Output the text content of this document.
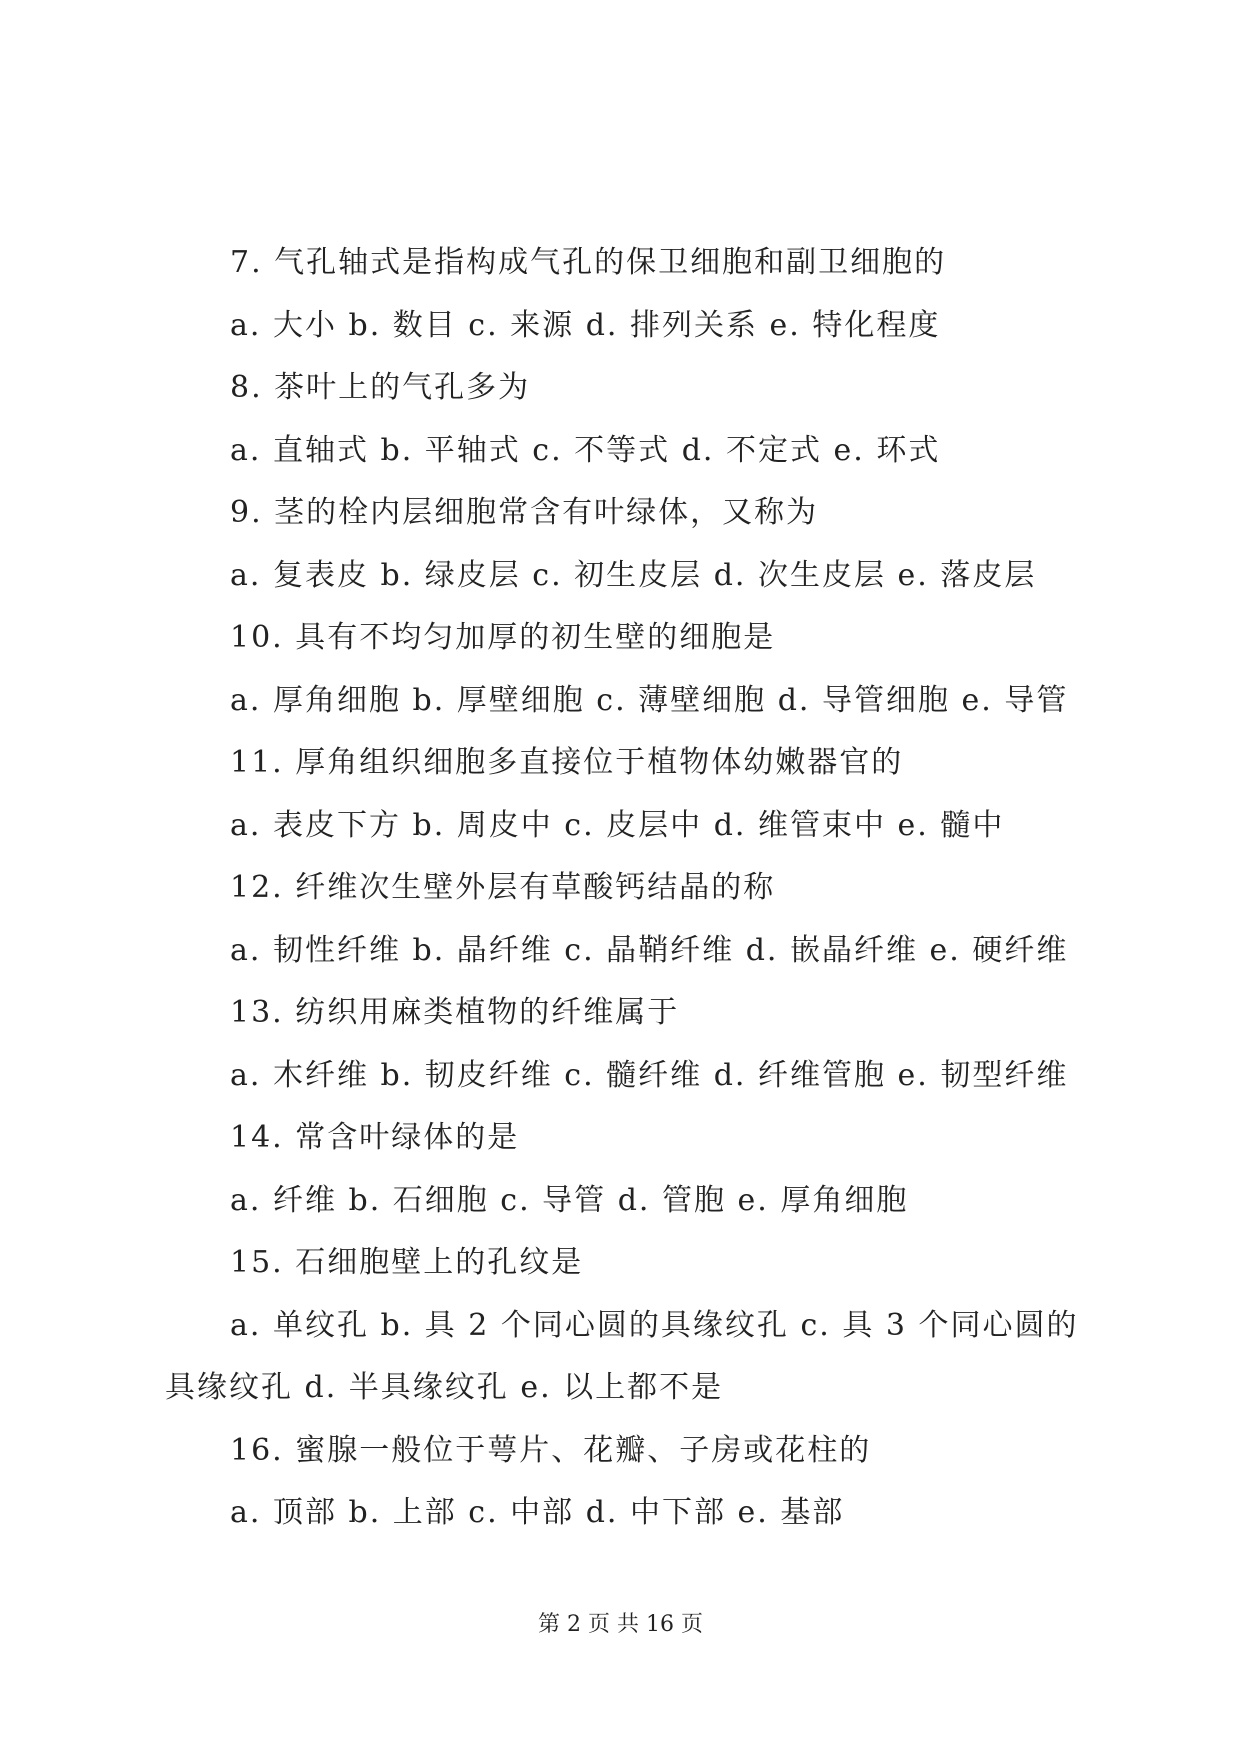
7. 气孔轴式是指构成气孔的保卫细胞和副卫细胞的
a. 大小 b. 数目 c. 来源 d. 排列关系 e. 特化程度
8. 茶叶上的气孔多为
a. 直轴式 b. 平轴式 c. 不等式 d. 不定式 e. 环式
9. 茎的栓内层细胞常含有叶绿体，又称为
a. 复表皮 b. 绿皮层 c. 初生皮层 d. 次生皮层 e. 落皮层
10. 具有不均匀加厚的初生壁的细胞是
a. 厚角细胞 b. 厚壁细胞 c. 薄壁细胞 d. 导管细胞 e. 导管
11. 厚角组织细胞多直接位于植物体幼嫩器官的
a. 表皮下方 b. 周皮中 c. 皮层中 d. 维管束中 e. 髓中
12. 纤维次生壁外层有草酸钙结晶的称
a. 韧性纤维 b. 晶纤维 c. 晶鞘纤维 d. 嵌晶纤维 e. 硬纤维
13. 纺织用麻类植物的纤维属于
a. 木纤维 b. 韧皮纤维 c. 髓纤维 d. 纤维管胞 e. 韧型纤维
14. 常含叶绿体的是
a. 纤维 b. 石细胞 c. 导管 d. 管胞 e. 厚角细胞
15. 石细胞壁上的孔纹是
a. 单纹孔 b. 具 2 个同心圆的具缘纹孔 c. 具 3 个同心圆的具缘纹孔 d. 半具缘纹孔 e. 以上都不是
16. 蜜腺一般位于萼片、花瓣、子房或花柱的
a. 顶部 b. 上部 c. 中部 d. 中下部 e. 基部
第 2 页 共 16 页
